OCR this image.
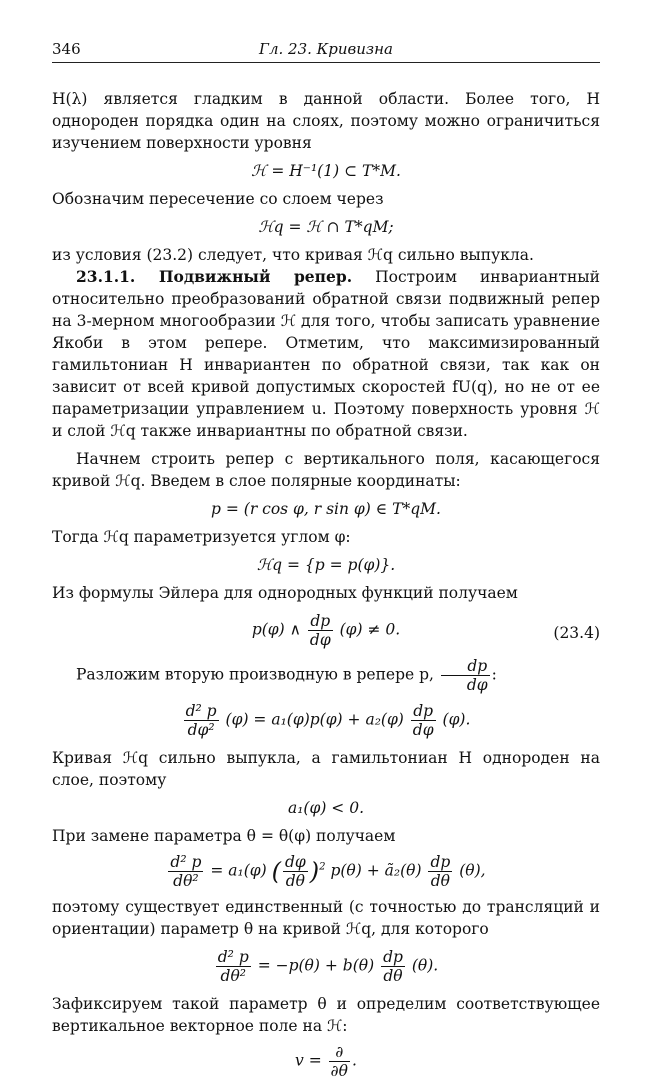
346	Гл. 23. Кривизна

H(λ) является гладким в данной области. Более того, H однороден порядка один на слоях, поэтому можно ограничиться изучением поверхности уровня

ℋ = H⁻¹(1) ⊂ T*M.

Обозначим пересечение со слоем через

ℋq = ℋ ∩ T*qM;

из условия (23.2) следует, что кривая ℋq сильно выпукла.

23.1.1. Подвижный репер. Построим инвариантный относительно преобразований обратной связи подвижный репер на 3-мерном многообразии ℋ для того, чтобы записать уравнение Якоби в этом репере. Отметим, что максимизированный гамильтониан H инвариантен по обратной связи, так как он зависит от всей кривой допустимых скоростей fU(q), но не от ее параметризации управлением u. Поэтому поверхность уровня ℋ и слой ℋq также инвариантны по обратной связи.

Начнем строить репер с вертикального поля, касающегося кривой ℋq. Введем в слое полярные координаты:

p = (r cos φ, r sin φ) ∈ T*qM.

Тогда ℋq параметризуется углом φ:

ℋq = {p = p(φ)}.

Из формулы Эйлера для однородных функций получаем

p(φ) ∧ $\frac{dp}{d\varphi} (\varphi) \ne 0$.	(23.4)

Разложим вторую производную в репере p, $\frac{dp}{d\varphi}$ :

$\frac{\text{d² p}}{\text{dφ²}} (\varphi) = a_1(\varphi)p(\varphi) + a_2(\varphi) \frac{dp}{d\varphi} (\varphi)$.

Кривая ℋq сильно выпукла, а гамильтониан H однороден на слое, поэтому

a₁(φ) < 0.

При замене параметра θ = θ(φ) получаем

$\frac{\text{d² p}}{\text{dθ²}} = a_1(\varphi)$ ( $\frac{d\varphi}{d\theta} )^2$ p(θ) + ã₂(θ) $\frac{dp}{d\theta} (\theta)$,

поэтому существует единственный (с точностью до трансляций и ориентации) параметр θ на кривой ℋq, для которого

$\frac{\text{d² p}}{\text{dθ²}} = -p(\theta) + b(\theta) \frac{dp}{d\theta} (\theta)$.

Зафиксируем такой параметр θ и определим соответствующее вертикальное векторное поле на ℋ:

$v = \frac{\partial}{\partial\theta}$ .
